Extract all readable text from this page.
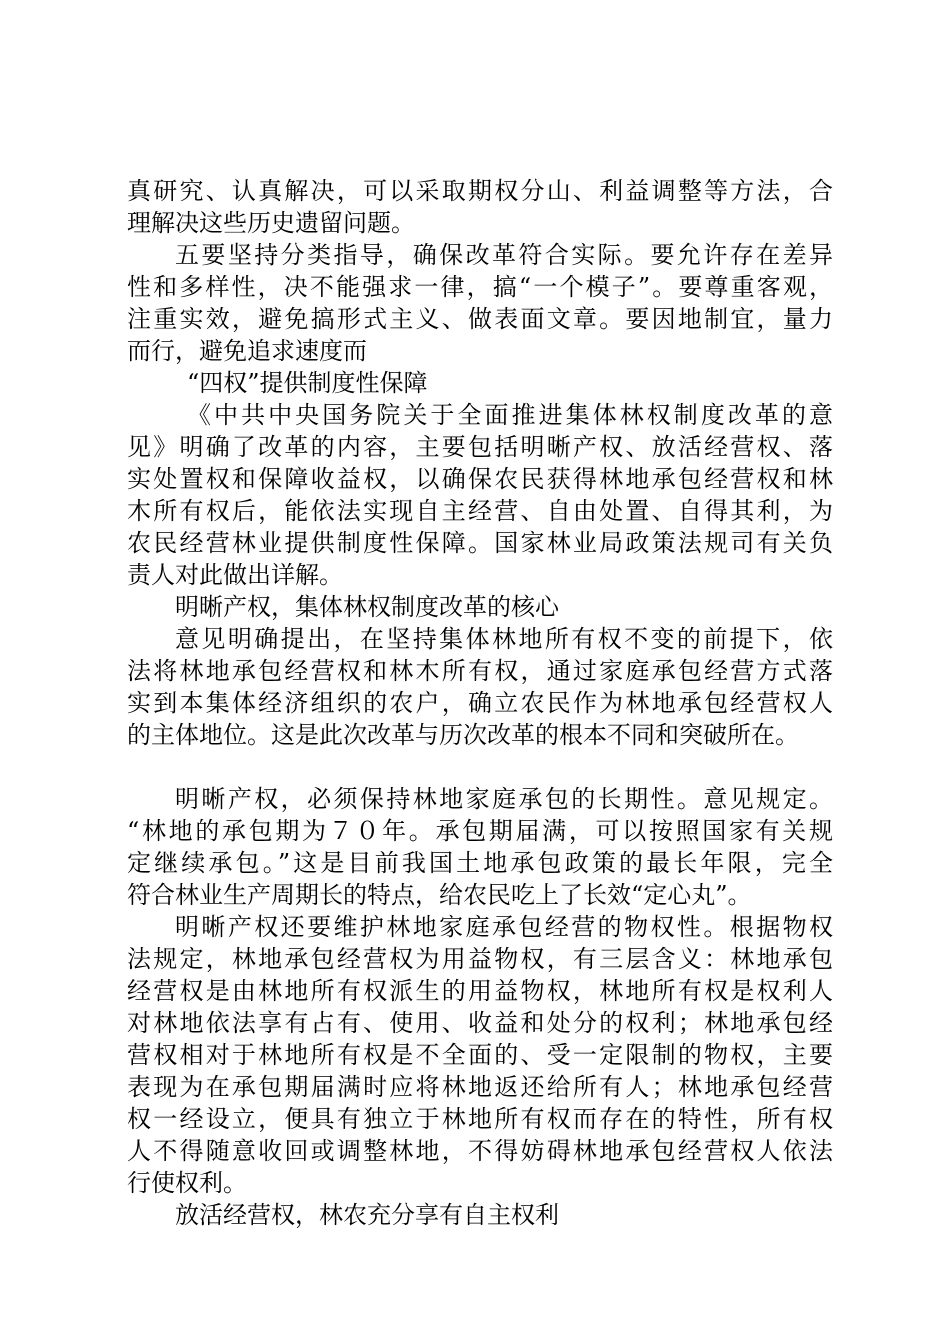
真研究、认真解决，可以采取期权分山、利益调整等方法，合
理解决这些历史遗留问题。
五要坚持分类指导，确保改革符合实际。要允许存在差异
性和多样性，决不能强求一律，搞“一个模子”。要尊重客观，
注重实效，避免搞形式主义、做表面文章。要因地制宜，量力
而行，避免追求速度而
“四权”提供制度性保障
《中共中央国务院关于全面推进集体林权制度改革的意
见》明确了改革的内容，主要包括明晰产权、放活经营权、落
实处置权和保障收益权，以确保农民获得林地承包经营权和林
木所有权后，能依法实现自主经营、自由处置、自得其利，为
农民经营林业提供制度性保障。国家林业局政策法规司有关负
责人对此做出详解。
明晰产权，集体林权制度改革的核心
意见明确提出，在坚持集体林地所有权不变的前提下，依
法将林地承包经营权和林木所有权，通过家庭承包经营方式落
实到本集体经济组织的农户，确立农民作为林地承包经营权人
的主体地位。这是此次改革与历次改革的根本不同和突破所在。
明晰产权，必须保持林地家庭承包的长期性。意见规定。
“林地的承包期为７０年。承包期届满，可以按照国家有关规
定继续承包。”这是目前我国土地承包政策的最长年限，完全
符合林业生产周期长的特点，给农民吃上了长效“定心丸”。
明晰产权还要维护林地家庭承包经营的物权性。根据物权
法规定，林地承包经营权为用益物权，有三层含义：林地承包
经营权是由林地所有权派生的用益物权，林地所有权是权利人
对林地依法享有占有、使用、收益和处分的权利；林地承包经
营权相对于林地所有权是不全面的、受一定限制的物权，主要
表现为在承包期届满时应将林地返还给所有人；林地承包经营
权一经设立，便具有独立于林地所有权而存在的特性，所有权
人不得随意收回或调整林地，不得妨碍林地承包经营权人依法
行使权利。
放活经营权，林农充分享有自主权利
